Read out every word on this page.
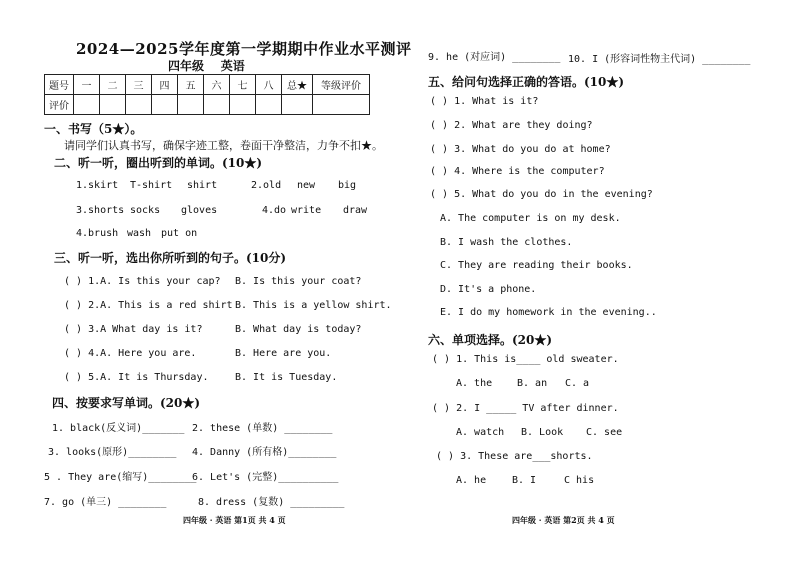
2024—2025学年度第一学期期中作业水平测评
四年级    英语
题号	一	二	三	四	五	六	七	八	总★	等级评价
评价										
一、书写（5★）。
请同学们认真书写，确保字迹工整，卷面干净整洁，力争不扣★。
二、听一听，圈出听到的单词。(10★)
1.skirt T-shirt shirt	2.old new big
3.shorts socks gloves	4.do write draw
4.brush wash put on
三、听一听，选出你所听到的句子。(10分)
( ) 1.A. Is this your cap? B. Is this your coat?
( ) 2.A. This is a red shirt B. This is a yellow shirt.
( ) 3.A What day is it?	B. What day is today?
( ) 4.A. Here you are.	B. Here are you.
( ) 5.A. It is Thursday.	B. It is Tuesday.
四、按要求写单词。(20★)
1. black(反义词)_______ 2. these (单数) ________
3. looks(原形)________ 4. Danny (所有格)________
5 . They are(缩写)________
6. Let's (完整)__________
7. go (单三) ________	8. dress (复数) _________
四年级 · 英语 第1页 共 4 页
9. he (对应词) ________ 10. I (形容词性物主代词) ________
五、给问句选择正确的答语。(10★)
( ) 1. What is it?
( ) 2. What are they doing?
( ) 3. What do you do at home?
( ) 4. Where is the computer?
( ) 5. What do you do in the evening?
A. The computer is on my desk.
B. I wash the clothes.
C. They are reading their books.
D. It's a phone.
E. I do my homework in the evening..
六、单项选择。(20★)
( ) 1. This is____ old sweater.
A. the B. an C. a
( ) 2. I _____ TV after dinner.
A. watch B. Look C. see
( ) 3. These are___shorts.
A. he	B. I	C his
四年级 · 英语 第2页 共 4 页
